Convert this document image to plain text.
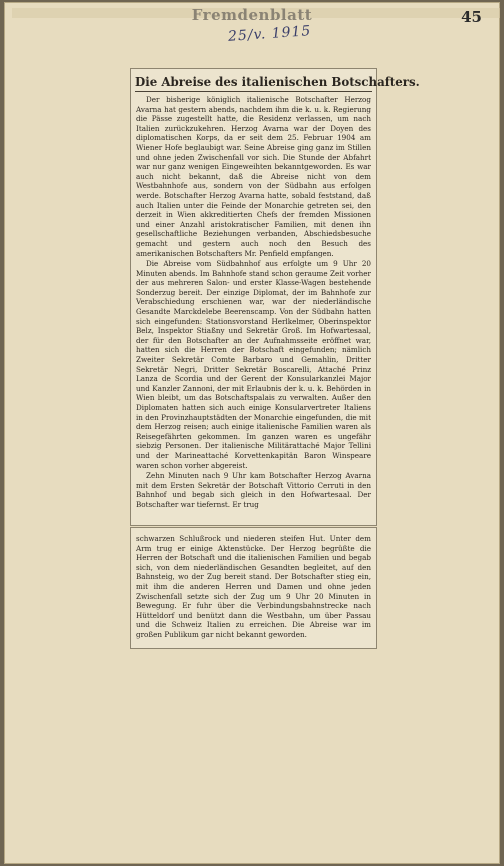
Fremdenblatt	45
25/v. 1915
Die Abreise des italienischen Botschafters.

Der bisherige königlich italienische Botschafter Herzog Avarna hat gestern abends, nachdem ihm die k. u. k. Regierung die Pässe zugestellt hatte, die Residenz verlassen, um nach Italien zurückzukehren. Herzog Avarna war der Doyen des diplomatischen Korps, da er seit dem 25. Februar 1904 am Wiener Hofe beglaubigt war. Seine Abreise ging ganz im Stillen und ohne jeden Zwischenfall vor sich. Die Stunde der Abfahrt war nur ganz wenigen Eingeweihten bekanntgeworden. Es war auch nicht bekannt, daß die Abreise nicht von dem Westbahnhofe aus, sondern von der Südbahn aus erfolgen werde. Botschafter Herzog Avarna hatte, sobald feststand, daß auch Italien unter die Feinde der Monarchie getreten sei, den derzeit in Wien akkreditierten Chefs der fremden Missionen und einer Anzahl aristokratischer Familien, mit denen ihn gesellschaftliche Beziehungen verbanden, Abschiedsbesuche gemacht und gestern auch noch den Besuch des amerikanischen Botschafters Mr. Penfield empfangen.

Die Abreise vom Südbahnhof aus erfolgte um 9 Uhr 20 Minuten abends. Im Bahnhofe stand schon geraume Zeit vorher der aus mehreren Salon- und erster Klasse-Wagen bestehende Sonderzug bereit. Der einzige Diplomat, der im Bahnhofe zur Verabschiedung erschienen war, war der niederländische Gesandte Marckdelebe Beerenscamp. Von der Südbahn hatten sich eingefunden: Stationsvorstand Herlkelmer, Oberinspektor Belz, Inspektor Stiaßny und Sekretär Groß. Im Hofwartesaal, der für den Botschafter an der Aufnahmsseite eröffnet war, hatten sich die Herren der Botschaft eingefunden; nämlich Zweiter Sekretär Comte Barbaro und Gemahlin, Dritter Sekretär Negri, Dritter Sekretär Boscarelli, Attaché Prinz Lanza de Scordia und der Gerent der Konsularkanzlei Major und Kanzler Zannoni, der mit Erlaubnis der k. u. k. Behörden in Wien bleibt, um das Botschaftspalais zu verwalten. Außer den Diplomaten hatten sich auch einige Konsularvertreter Italiens in den Provinzhauptstädten der Monarchie eingefunden, die mit dem Herzog reisen; auch einige italienische Familien waren als Reisegefährten gekommen. Im ganzen waren es ungefähr siebzig Personen. Der italienische Militärattaché Major Tellini und der Marineattaché Korvettenkapitän Baron Winspeare waren schon vorher abgereist.

Zehn Minuten nach 9 Uhr kam Botschafter Herzog Avarna mit dem Ersten Sekretär der Botschaft Vittorio Cerruti in den Bahnhof und begab sich gleich in den Hofwartesaal. Der Botschafter war tiefernst. Er trug

schwarzen Schlußrock und niederen steifen Hut. Unter dem Arm trug er einige Aktenstücke. Der Herzog begrüßte die Herren der Botschaft und die italienischen Familien und begab sich, von dem niederländischen Gesandten begleitet, auf den Bahnsteig, wo der Zug bereit stand. Der Botschafter stieg ein, mit ihm die anderen Herren und Damen und ohne jeden Zwischenfall setzte sich der Zug um 9 Uhr 20 Minuten in Bewegung. Er fuhr über die Verbindungsbahnstrecke nach Hütteldorf und benützt dann die Westbahn, um über Passau und die Schweiz Italien zu erreichen. Die Abreise war im großen Publikum gar nicht bekannt geworden.
